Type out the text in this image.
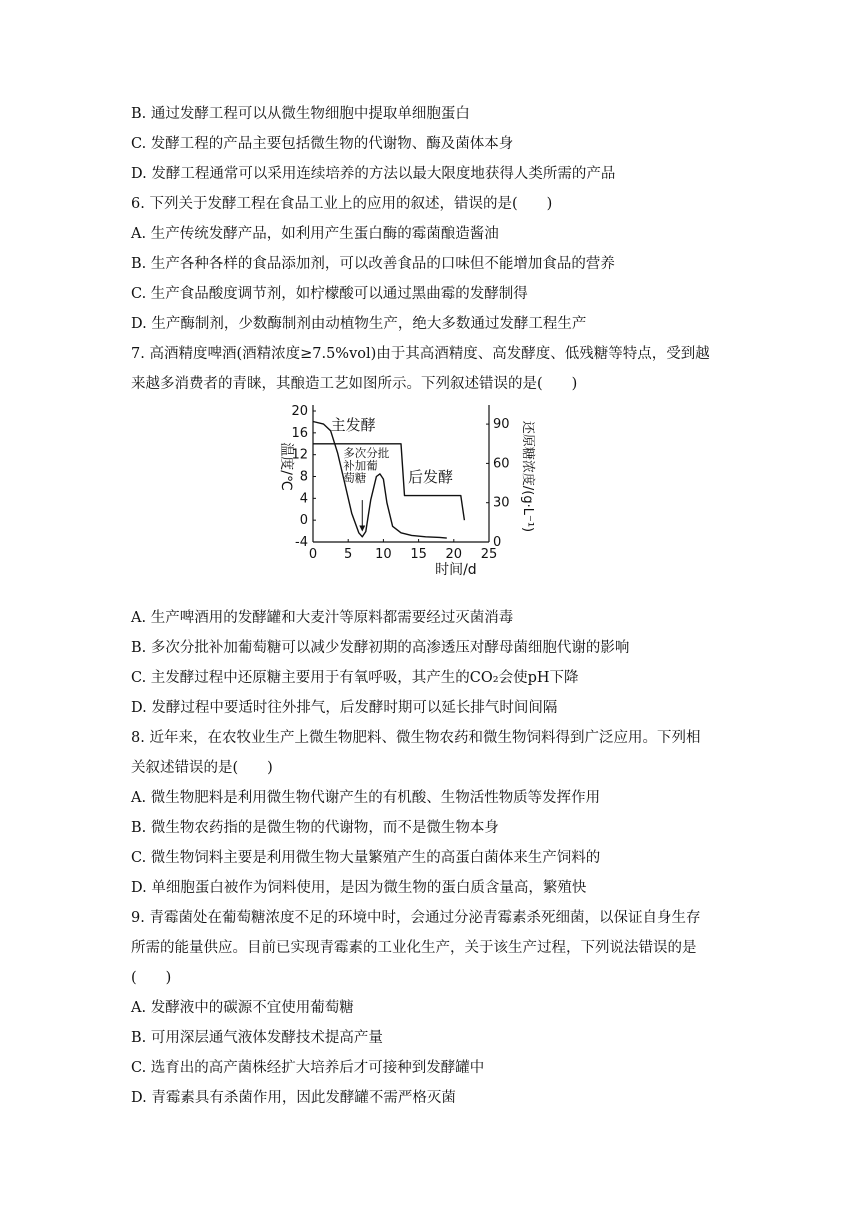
B. 通过发酵工程可以从微生物细胞中提取单细胞蛋白
C. 发酵工程的产品主要包括微生物的代谢物、酶及菌体本身
D. 发酵工程通常可以采用连续培养的方法以最大限度地获得人类所需的产品
6. 下列关于发酵工程在食品工业上的应用的叙述，错误的是(　　)
A. 生产传统发酵产品，如利用产生蛋白酶的霉菌酿造酱油
B. 生产各种各样的食品添加剂，可以改善食品的口味但不能增加食品的营养
C. 生产食品酸度调节剂，如柠檬酸可以通过黑曲霉的发酵制得
D. 生产酶制剂，少数酶制剂由动植物生产，绝大多数通过发酵工程生产
7. 高酒精度啤酒(酒精浓度≥7.5%vol)由于其高酒精度、高发酵度、低残糖等特点，受到越
来越多消费者的青睐，其酿造工艺如图所示。下列叙述错误的是(　　)
0 5 10 15 20 25
-4
0
4
8
12
16
20
0
30
60
90
温度/℃	还原糖浓度/(g·L⁻¹)
时间/d
主发酵
多次分批
补加葡
萄糖	后发酵
A. 生产啤酒用的发酵罐和大麦汁等原料都需要经过灭菌消毒
B. 多次分批补加葡萄糖可以减少发酵初期的高渗透压对酵母菌细胞代谢的影响
C. 主发酵过程中还原糖主要用于有氧呼吸，其产生的CO₂会使pH下降
D. 发酵过程中要适时往外排气，后发酵时期可以延长排气时间间隔
8. 近年来，在农牧业生产上微生物肥料、微生物农药和微生物饲料得到广泛应用。下列相
关叙述错误的是(　　)
A. 微生物肥料是利用微生物代谢产生的有机酸、生物活性物质等发挥作用
B. 微生物农药指的是微生物的代谢物，而不是微生物本身
C. 微生物饲料主要是利用微生物大量繁殖产生的高蛋白菌体来生产饲料的
D. 单细胞蛋白被作为饲料使用，是因为微生物的蛋白质含量高，繁殖快
9. 青霉菌处在葡萄糖浓度不足的环境中时，会通过分泌青霉素杀死细菌，以保证自身生存
所需的能量供应。目前已实现青霉素的工业化生产，关于该生产过程，下列说法错误的是
(　　)
A. 发酵液中的碳源不宜使用葡萄糖
B. 可用深层通气液体发酵技术提高产量
C. 选育出的高产菌株经扩大培养后才可接种到发酵罐中
D. 青霉素具有杀菌作用，因此发酵罐不需严格灭菌
